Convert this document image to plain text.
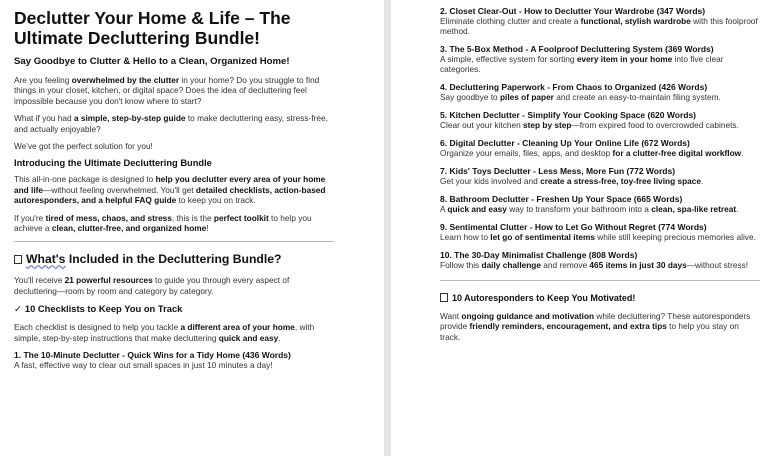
Declutter Your Home & Life – The Ultimate Decluttering Bundle!
Say Goodbye to Clutter & Hello to a Clean, Organized Home!

Are you feeling overwhelmed by the clutter in your home? Do you struggle to find things in your closet, kitchen, or digital space? Does the idea of decluttering feel impossible because you don't know where to start?

What if you had a simple, step-by-step guide to make decluttering easy, stress-free, and actually enjoyable?

We've got the perfect solution for you!

Introducing the Ultimate Decluttering Bundle

This all-in-one package is designed to help you declutter every area of your home and life—without feeling overwhelmed. You'll get detailed checklists, action-based autoresponders, and a helpful FAQ guide to keep you on track.

If you're tired of mess, chaos, and stress, this is the perfect toolkit to help you achieve a clean, clutter-free, and organized home!

What's Included in the Decluttering Bundle?

You'll receive 21 powerful resources to guide you through every aspect of decluttering—room by room and category by category.

✓ 10 Checklists to Keep You on Track

Each checklist is designed to help you tackle a different area of your home, with simple, step-by-step instructions that make decluttering quick and easy.

1. The 10-Minute Declutter - Quick Wins for a Tidy Home (436 Words)
A fast, effective way to clear out small spaces in just 10 minutes a day!
2. Closet Clear-Out - How to Declutter Your Wardrobe (347 Words)
Eliminate clothing clutter and create a functional, stylish wardrobe with this foolproof method.
3. The 5-Box Method - A Foolproof Decluttering System (369 Words)
A simple, effective system for sorting every item in your home into five clear categories.
4. Decluttering Paperwork - From Chaos to Organized (426 Words)
Say goodbye to piles of paper and create an easy-to-maintain filing system.
5. Kitchen Declutter - Simplify Your Cooking Space (620 Words)
Clear out your kitchen step by step—from expired food to overcrowded cabinets.
6. Digital Declutter - Cleaning Up Your Online Life (672 Words)
Organize your emails, files, apps, and desktop for a clutter-free digital workflow.
7. Kids' Toys Declutter - Less Mess, More Fun (772 Words)
Get your kids involved and create a stress-free, toy-free living space.
8. Bathroom Declutter - Freshen Up Your Space (665 Words)
A quick and easy way to transform your bathroom into a clean, spa-like retreat.
9. Sentimental Clutter - How to Let Go Without Regret (774 Words)
Learn how to let go of sentimental items while still keeping precious memories alive.
10. The 30-Day Minimalist Challenge (808 Words)
Follow this daily challenge and remove 465 items in just 30 days—without stress!
10 Autoresponders to Keep You Motivated!

Want ongoing guidance and motivation while decluttering? These autoresponders provide friendly reminders, encouragement, and extra tips to help you stay on track.
